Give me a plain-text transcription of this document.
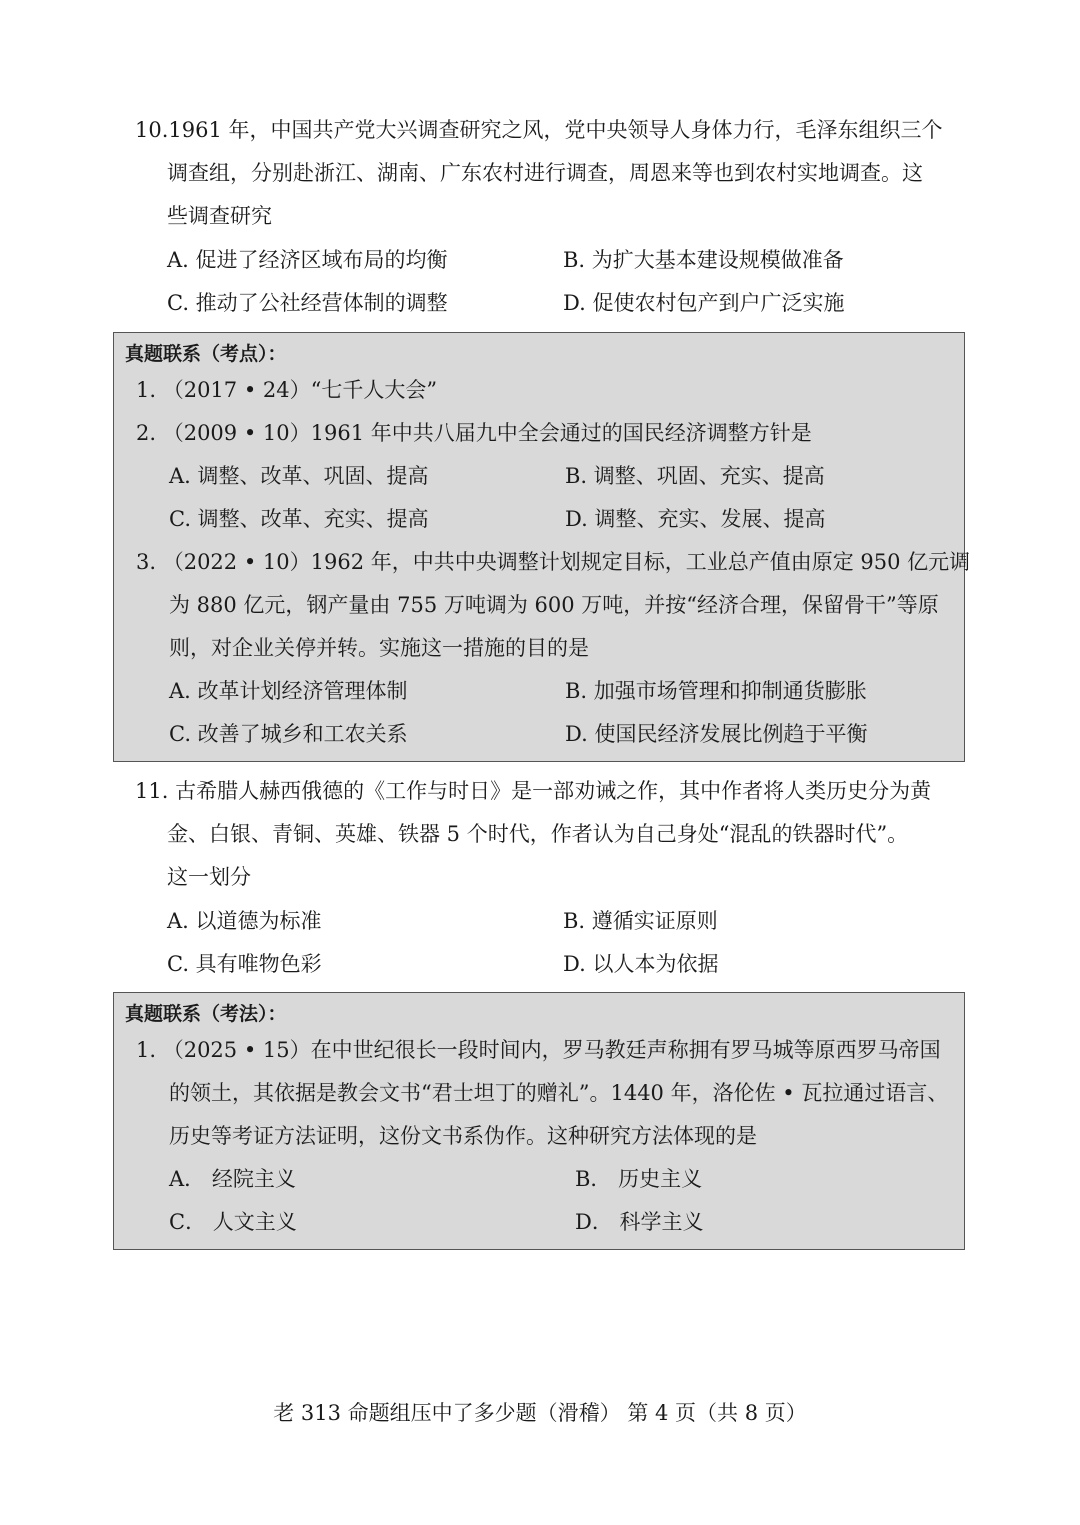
10.1961 年，中国共产党大兴调查研究之风，党中央领导人身体力行，毛泽东组织三个
调查组，分别赴浙江、湖南、广东农村进行调查，周恩来等也到农村实地调查。这
些调查研究
A. 促进了经济区域布局的均衡	B. 为扩大基本建设规模做准备
C. 推动了公社经营体制的调整	D. 促使农村包产到户广泛实施
真题联系（考点）：
1. （2017 • 24）“七千人大会”
2. （2009 • 10）1961 年中共八届九中全会通过的国民经济调整方针是
A. 调整、改革、巩固、提高	B. 调整、巩固、充实、提高
C. 调整、改革、充实、提高	D. 调整、充实、发展、提高
3. （2022 • 10）1962 年，中共中央调整计划规定目标，工业总产值由原定 950 亿元调
为 880 亿元，钢产量由 755 万吨调为 600 万吨，并按“经济合理，保留骨干”等原
则，对企业关停并转。实施这一措施的目的是
A. 改革计划经济管理体制	B. 加强市场管理和抑制通货膨胀
C. 改善了城乡和工农关系	D. 使国民经济发展比例趋于平衡
11. 古希腊人赫西俄德的《工作与时日》是一部劝诫之作，其中作者将人类历史分为黄
金、白银、青铜、英雄、铁器 5 个时代，作者认为自己身处“混乱的铁器时代”。
这一划分
A. 以道德为标准	B. 遵循实证原则
C. 具有唯物色彩	D. 以人本为依据
真题联系（考法）：
1. （2025 • 15）在中世纪很长一段时间内，罗马教廷声称拥有罗马城等原西罗马帝国
的领土，其依据是教会文书“君士坦丁的赠礼”。1440 年，洛伦佐 • 瓦拉通过语言、
历史等考证方法证明，这份文书系伪作。这种研究方法体现的是
A． 经院主义	B． 历史主义
C． 人文主义	D． 科学主义
老 313 命题组压中了多少题（滑稽） 第 4 页（共 8 页）
